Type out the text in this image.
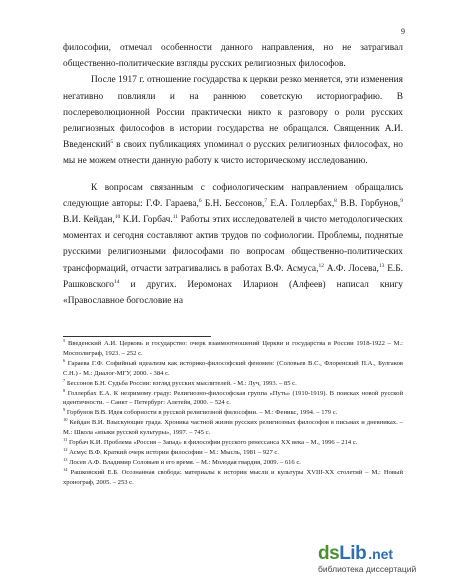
9

философии, отмечал особенности данного направления, но не затрагивал общественно-политические взгляды русских религиозных философов.

После 1917 г. отношение государства к церкви резко меняется, эти изменения негативно повлияли и на раннюю советскую историографию. В послереволюционной России практически никто к разговору о роли русских религиозных философов в истории государства не обращался. Священник А.И. Введенский$^5$ в своих публикациях упоминал о русских религиозных философах, но мы не можем отнести данную работу к чисто историческому исследованию.

К вопросам связанным с софиологическим направлением обращались следующие авторы: Г.Ф. Гараева,$^6$ Б.Н. Бессонов,$^7$ Е.А. Голлербах,$^8$ В.В. Горбунов,$^9$ В.И. Кейдан,$^{10}$ К.И. Горбач.$^{11}$ Работы этих исследователей в чисто методологических моментах и сегодня составляют актив трудов по софиологии. Проблемы, поднятые русскими религиозными философами по вопросам общественно-политических трансформаций, отчасти затрагивались в работах В.Ф. Асмуса,$^{12}$ А.Ф. Лосева,$^{13}$ Е.Б. Рашковского$^{14}$ и других. Иеромонах Иларион (Алфеев) написал книгу «Православное богословие на

$^5$ Введенский А.И. Церковь и государство: очерк взаимоотношений Церкви и государства в России 1918-1922 – М.: Мосполиграф, 1923. – 252 с.

$^6$ Гараева Г.Ф. Софийный идеализм как историко-философский феномен: (Соловьев В.С., Флоренский П.А., Булгаков С.Н.) - М.: Диалог-МГУ, 2000. - 384 с.

$^7$ Бессонов Б.Н. Судьба России: взгляд русских мыслителей. - М.: Луч, 1993. – 85 с.

$^8$ Голлербах Е.А. К незримому граду: Религиозно-философская группа «Путь» (1910-1919). В поисках новой русской идентичности. – Санкт – Петербург: Алетейя, 2000. – 524 с.

$^9$ Горбунов В.В. Идея соборности в русской религиозной философии. – М.: Феникс, 1994. – 179 с.

$^{10}$ Кейдан В.И. Взыскующие града. Хроника частной жизни русских религиозных философов в письмах и дневниках. – М.: Школа «языки русской культуры», 1997. – 745 с.

$^{11}$ Горбач К.И. Проблема «Россия – Запад» в философии русского ренессанса ХХ века – М., 1996 – 214 с.

$^{12}$ Асмус В.Ф. Краткий очерк истории философии – М.: Мысль, 1981 – 927 с.

$^{13}$ Лосев А.Ф. Владимир Соловьев и его время. – М.: Молодая гвардия, 2009. – 616 с.

$^{14}$ Рашковский Е.Б. Осознанная свобода: материалы к истории мысли и культуры XVIII-ХХ столетий – М.: Новый хронограф, 2005. – 253 с.

dsLib .net
библиотека диссертаций
